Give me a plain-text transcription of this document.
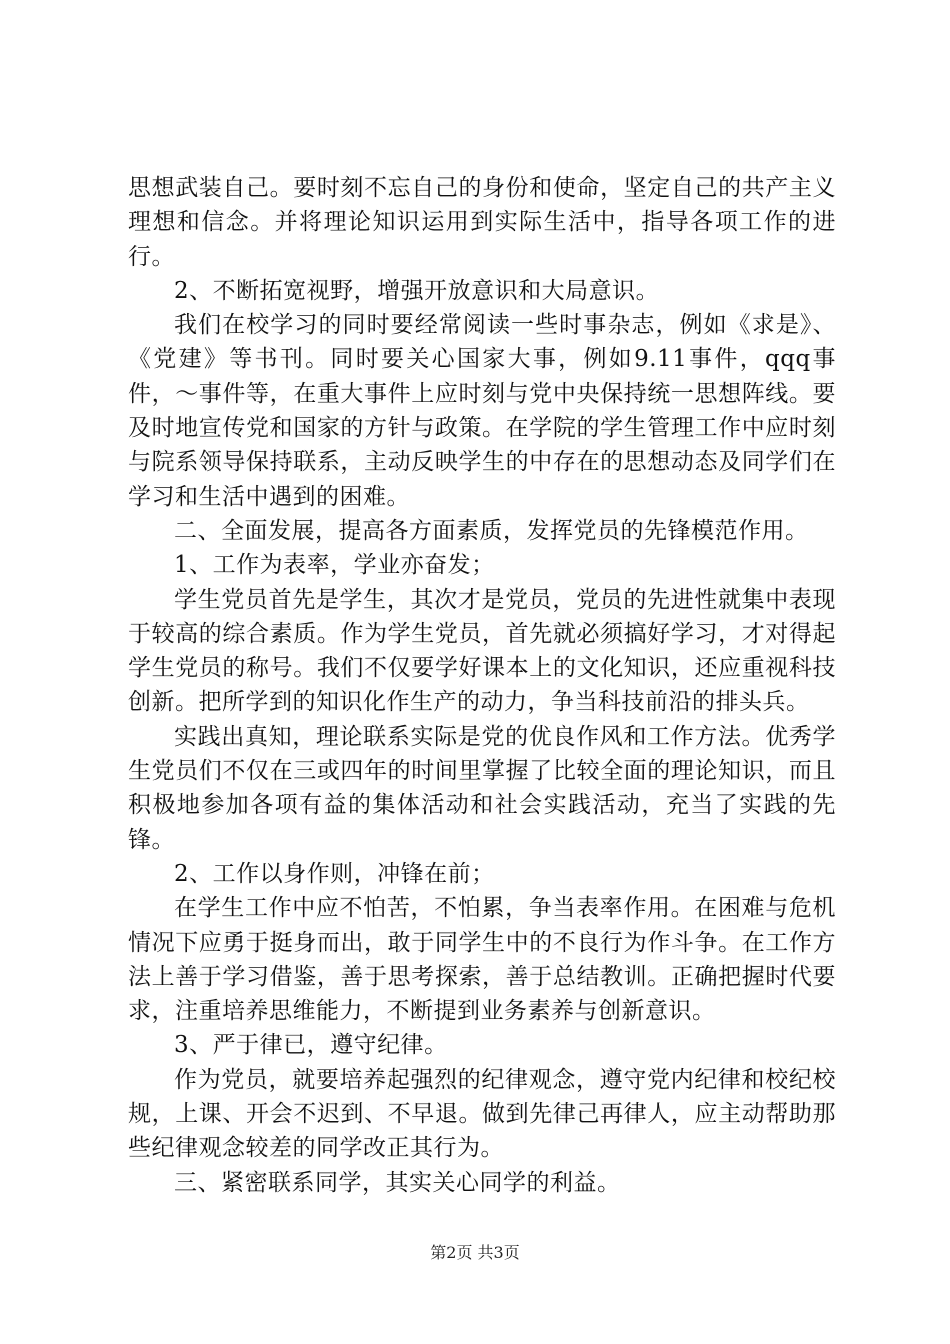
思想武装自己。要时刻不忘自己的身份和使命，坚定自己的共产主义理想和信念。并将理论知识运用到实际生活中，指导各项工作的进行。

2、不断拓宽视野，增强开放意识和大局意识。

我们在校学习的同时要经常阅读一些时事杂志，例如《求是》、《党建》等书刊。同时要关心国家大事，例如9.11事件，qqq事件，～事件等，在重大事件上应时刻与党中央保持统一思想阵线。要及时地宣传党和国家的方针与政策。在学院的学生管理工作中应时刻与院系领导保持联系，主动反映学生的中存在的思想动态及同学们在学习和生活中遇到的困难。

二、全面发展，提高各方面素质，发挥党员的先锋模范作用。

1、工作为表率，学业亦奋发；

学生党员首先是学生，其次才是党员，党员的先进性就集中表现于较高的综合素质。作为学生党员，首先就必须搞好学习，才对得起学生党员的称号。我们不仅要学好课本上的文化知识，还应重视科技创新。把所学到的知识化作生产的动力，争当科技前沿的排头兵。

实践出真知，理论联系实际是党的优良作风和工作方法。优秀学生党员们不仅在三或四年的时间里掌握了比较全面的理论知识，而且积极地参加各项有益的集体活动和社会实践活动，充当了实践的先锋。

2、工作以身作则，冲锋在前；

在学生工作中应不怕苦，不怕累，争当表率作用。在困难与危机情况下应勇于挺身而出，敢于同学生中的不良行为作斗争。在工作方法上善于学习借鉴，善于思考探索，善于总结教训。正确把握时代要求，注重培养思维能力，不断提到业务素养与创新意识。

3、严于律已，遵守纪律。

作为党员，就要培养起强烈的纪律观念，遵守党内纪律和校纪校规，上课、开会不迟到、不早退。做到先律己再律人，应主动帮助那些纪律观念较差的同学改正其行为。

三、紧密联系同学，其实关心同学的利益。

第2页 共3页
